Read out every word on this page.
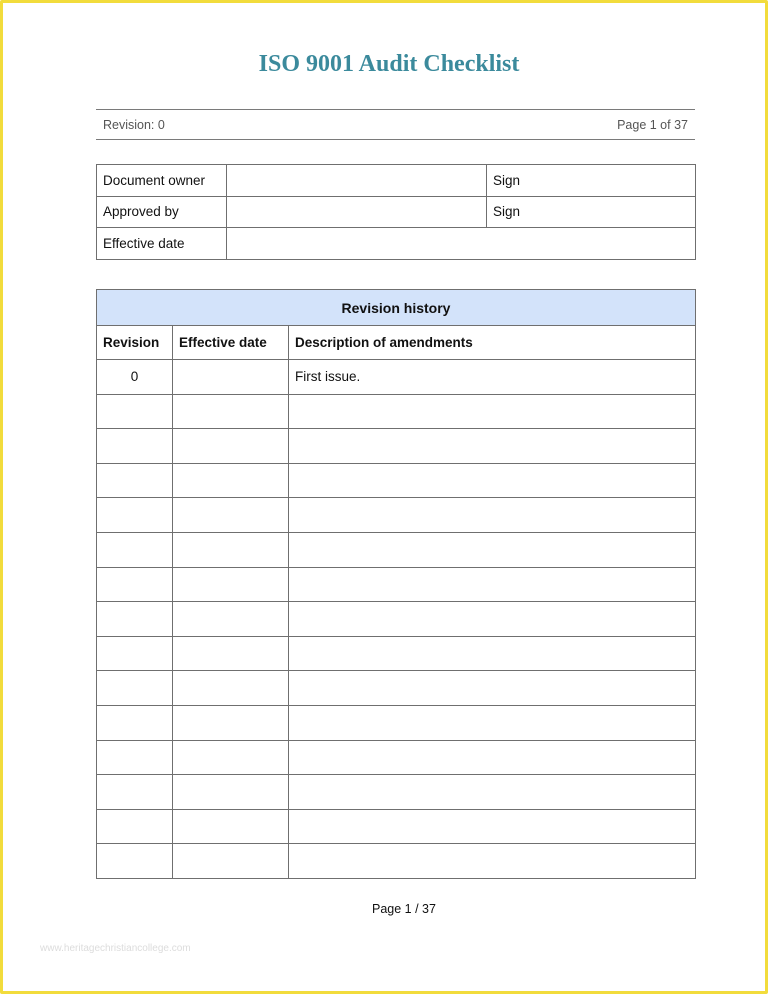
ISO 9001 Audit Checklist
Revision: 0	Page 1 of 37
Document owner		Sign
Approved by		Sign
Effective date		
Revision history		
Revision	Effective date	Description of amendments
0		First issue.

Page 1 / 37
www.heritagechristiancollege.com
